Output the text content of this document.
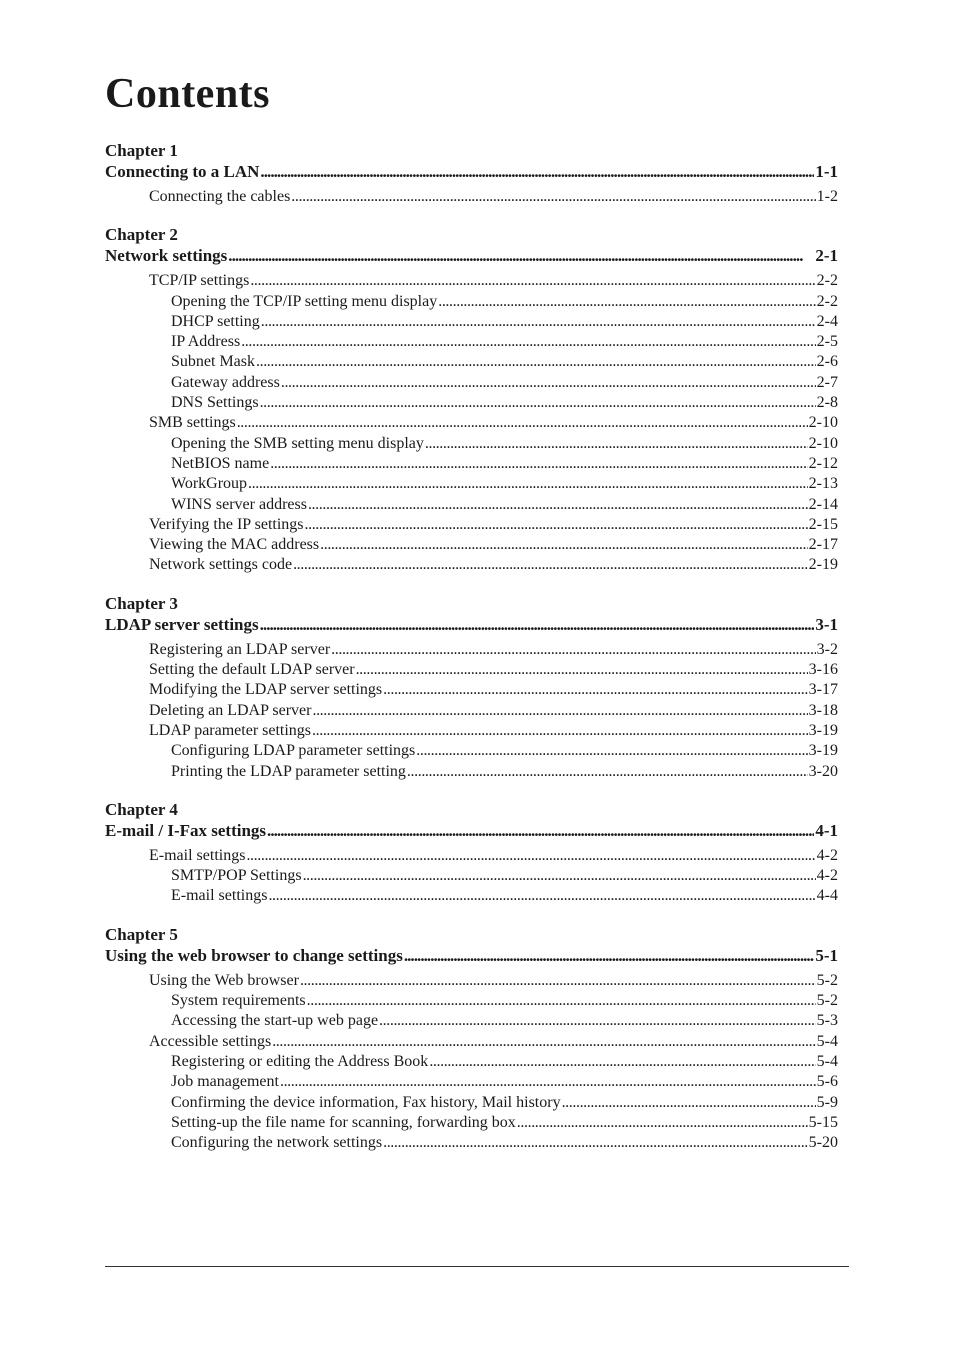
Contents
Chapter 1
Connecting to a LAN . . .	1-1
Connecting the cables . . .	1-2
Chapter 2
Network settings . . .	2-1
TCP/IP settings . . .	2-2
Opening the TCP/IP setting menu display . . .	2-2
DHCP setting . . .	2-4
IP Address . . .	2-5
Subnet Mask . . .	2-6
Gateway address . . .	2-7
DNS Settings . . .	2-8
SMB settings . . .	2-10
Opening the SMB setting menu display . . .	2-10
NetBIOS name . . .	2-12
WorkGroup . . .	2-13
WINS server address . . .	2-14
Verifying the IP settings . . .	2-15
Viewing the MAC address . . .	2-17
Network settings code . . .	2-19
Chapter 3
LDAP server settings . . .	3-1
Registering an LDAP server . . .	3-2
Setting the default LDAP server . . .	3-16
Modifying the LDAP server settings . . .	3-17
Deleting an LDAP server . . .	3-18
LDAP parameter settings . . .	3-19
Configuring LDAP parameter settings . . .	3-19
Printing the LDAP parameter setting . . .	3-20
Chapter 4
E-mail / I-Fax settings . . .	4-1
E-mail settings . . .	4-2
SMTP/POP Settings . . .	4-2
E-mail settings . . .	4-4
Chapter 5
Using the web browser to change settings . . .	5-1
Using the Web browser . . .	5-2
System requirements . . .	5-2
Accessing the start-up web page . . .	5-3
Accessible settings . . .	5-4
Registering or editing the Address Book . . .	5-4
Job management . . .	5-6
Confirming the device information, Fax history, Mail history . . .	5-9
Setting-up the file name for scanning, forwarding box . . .	5-15
Configuring the network settings . . .	5-20
